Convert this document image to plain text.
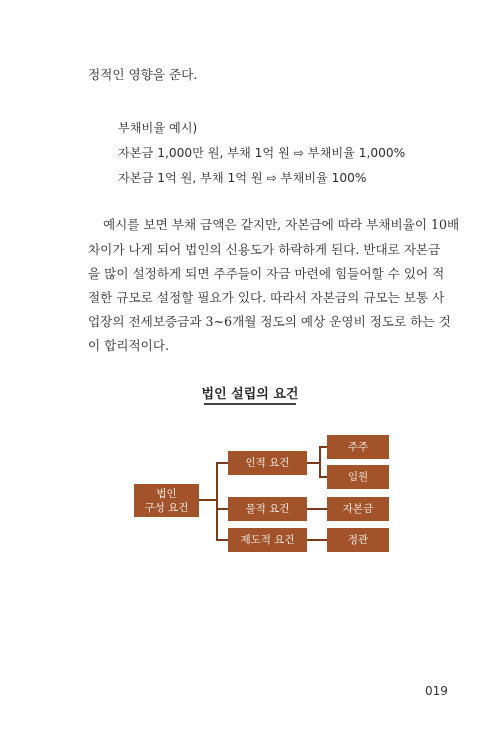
정적인 영향을 준다.
부채비율 예시)
자본금 1,000만 원, 부채 1억 원 ⇨ 부채비율 1,000%
자본금 1억 원, 부채 1억 원 ⇨ 부채비율 100%
예시를 보면 부채 금액은 같지만, 자본금에 따라 부채비율이 10배
차이가 나게 되어 법인의 신용도가 하락하게 된다. 반대로 자본금
을 많이 설정하게 되면 주주들이 자금 마련에 힘들어할 수 있어 적
절한 규모로 설정할 필요가 있다. 따라서 자본금의 규모는 보통 사
업장의 전세보증금과 3~6개월 정도의 예상 운영비 정도로 하는 것
이 합리적이다.
법인 설립의 요건
법인
구성 요건
인적 요건
물적 요건
제도적 요건
주주
임원
자본금
정관
019
